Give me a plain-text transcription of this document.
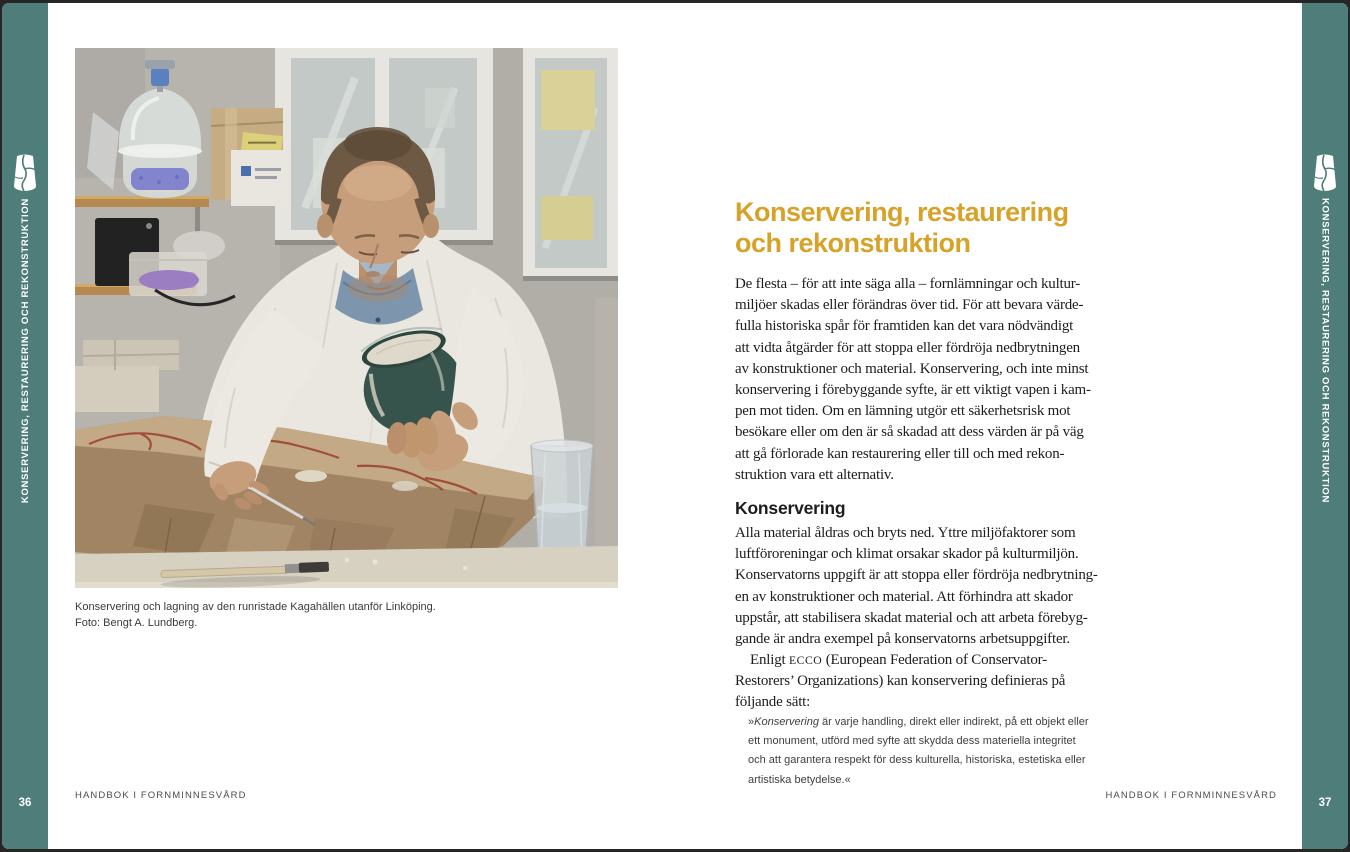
KONSERVERING, RESTAURERING OCH REKONSTRUKTION
36
KONSERVERING, RESTAURERING OCH REKONSTRUKTION
37
Konservering och lagning av den runristade Kagahällen utanför Linköping.
Foto: Bengt A. Lundberg.
HANDBOK I FORNMINNESVÅRD	HANDBOK I FORNMINNESVÅRD
Konservering, restaurering
och rekonstruktion
De flesta – för att inte säga alla – fornlämningar och kultur-
miljöer skadas eller förändras över tid. För att bevara värde-
fulla historiska spår för framtiden kan det vara nödvändigt
att vidta åtgärder för att stoppa eller fördröja nedbrytningen
av konstruktioner och material. Konservering, och inte minst
konservering i förebyggande syfte, är ett viktigt vapen i kam-
pen mot tiden. Om en lämning utgör ett säkerhetsrisk mot
besökare eller om den är så skadad att dess värden är på väg
att gå förlorade kan restaurering eller till och med rekon-
struktion vara ett alternativ.
Konservering
Alla material åldras och bryts ned. Yttre miljöfaktorer som
luftföroreningar och klimat orsakar skador på kulturmiljön.
Konservatorns uppgift är att stoppa eller fördröja nedbrytning-
en av konstruktioner och material. Att förhindra att skador
uppstår, att stabilisera skadat material och att arbeta förebyg-
gande är andra exempel på konservatorns arbetsuppgifter.
Enligt ECCO (European Federation of Conservator-
Restorers’ Organizations) kan konservering definieras på
följande sätt:
»Konservering är varje handling, direkt eller indirekt, på ett objekt eller
ett monument, utförd med syfte att skydda dess materiella integritet
och att garantera respekt för dess kulturella, historiska, estetiska eller
artistiska betydelse.«
